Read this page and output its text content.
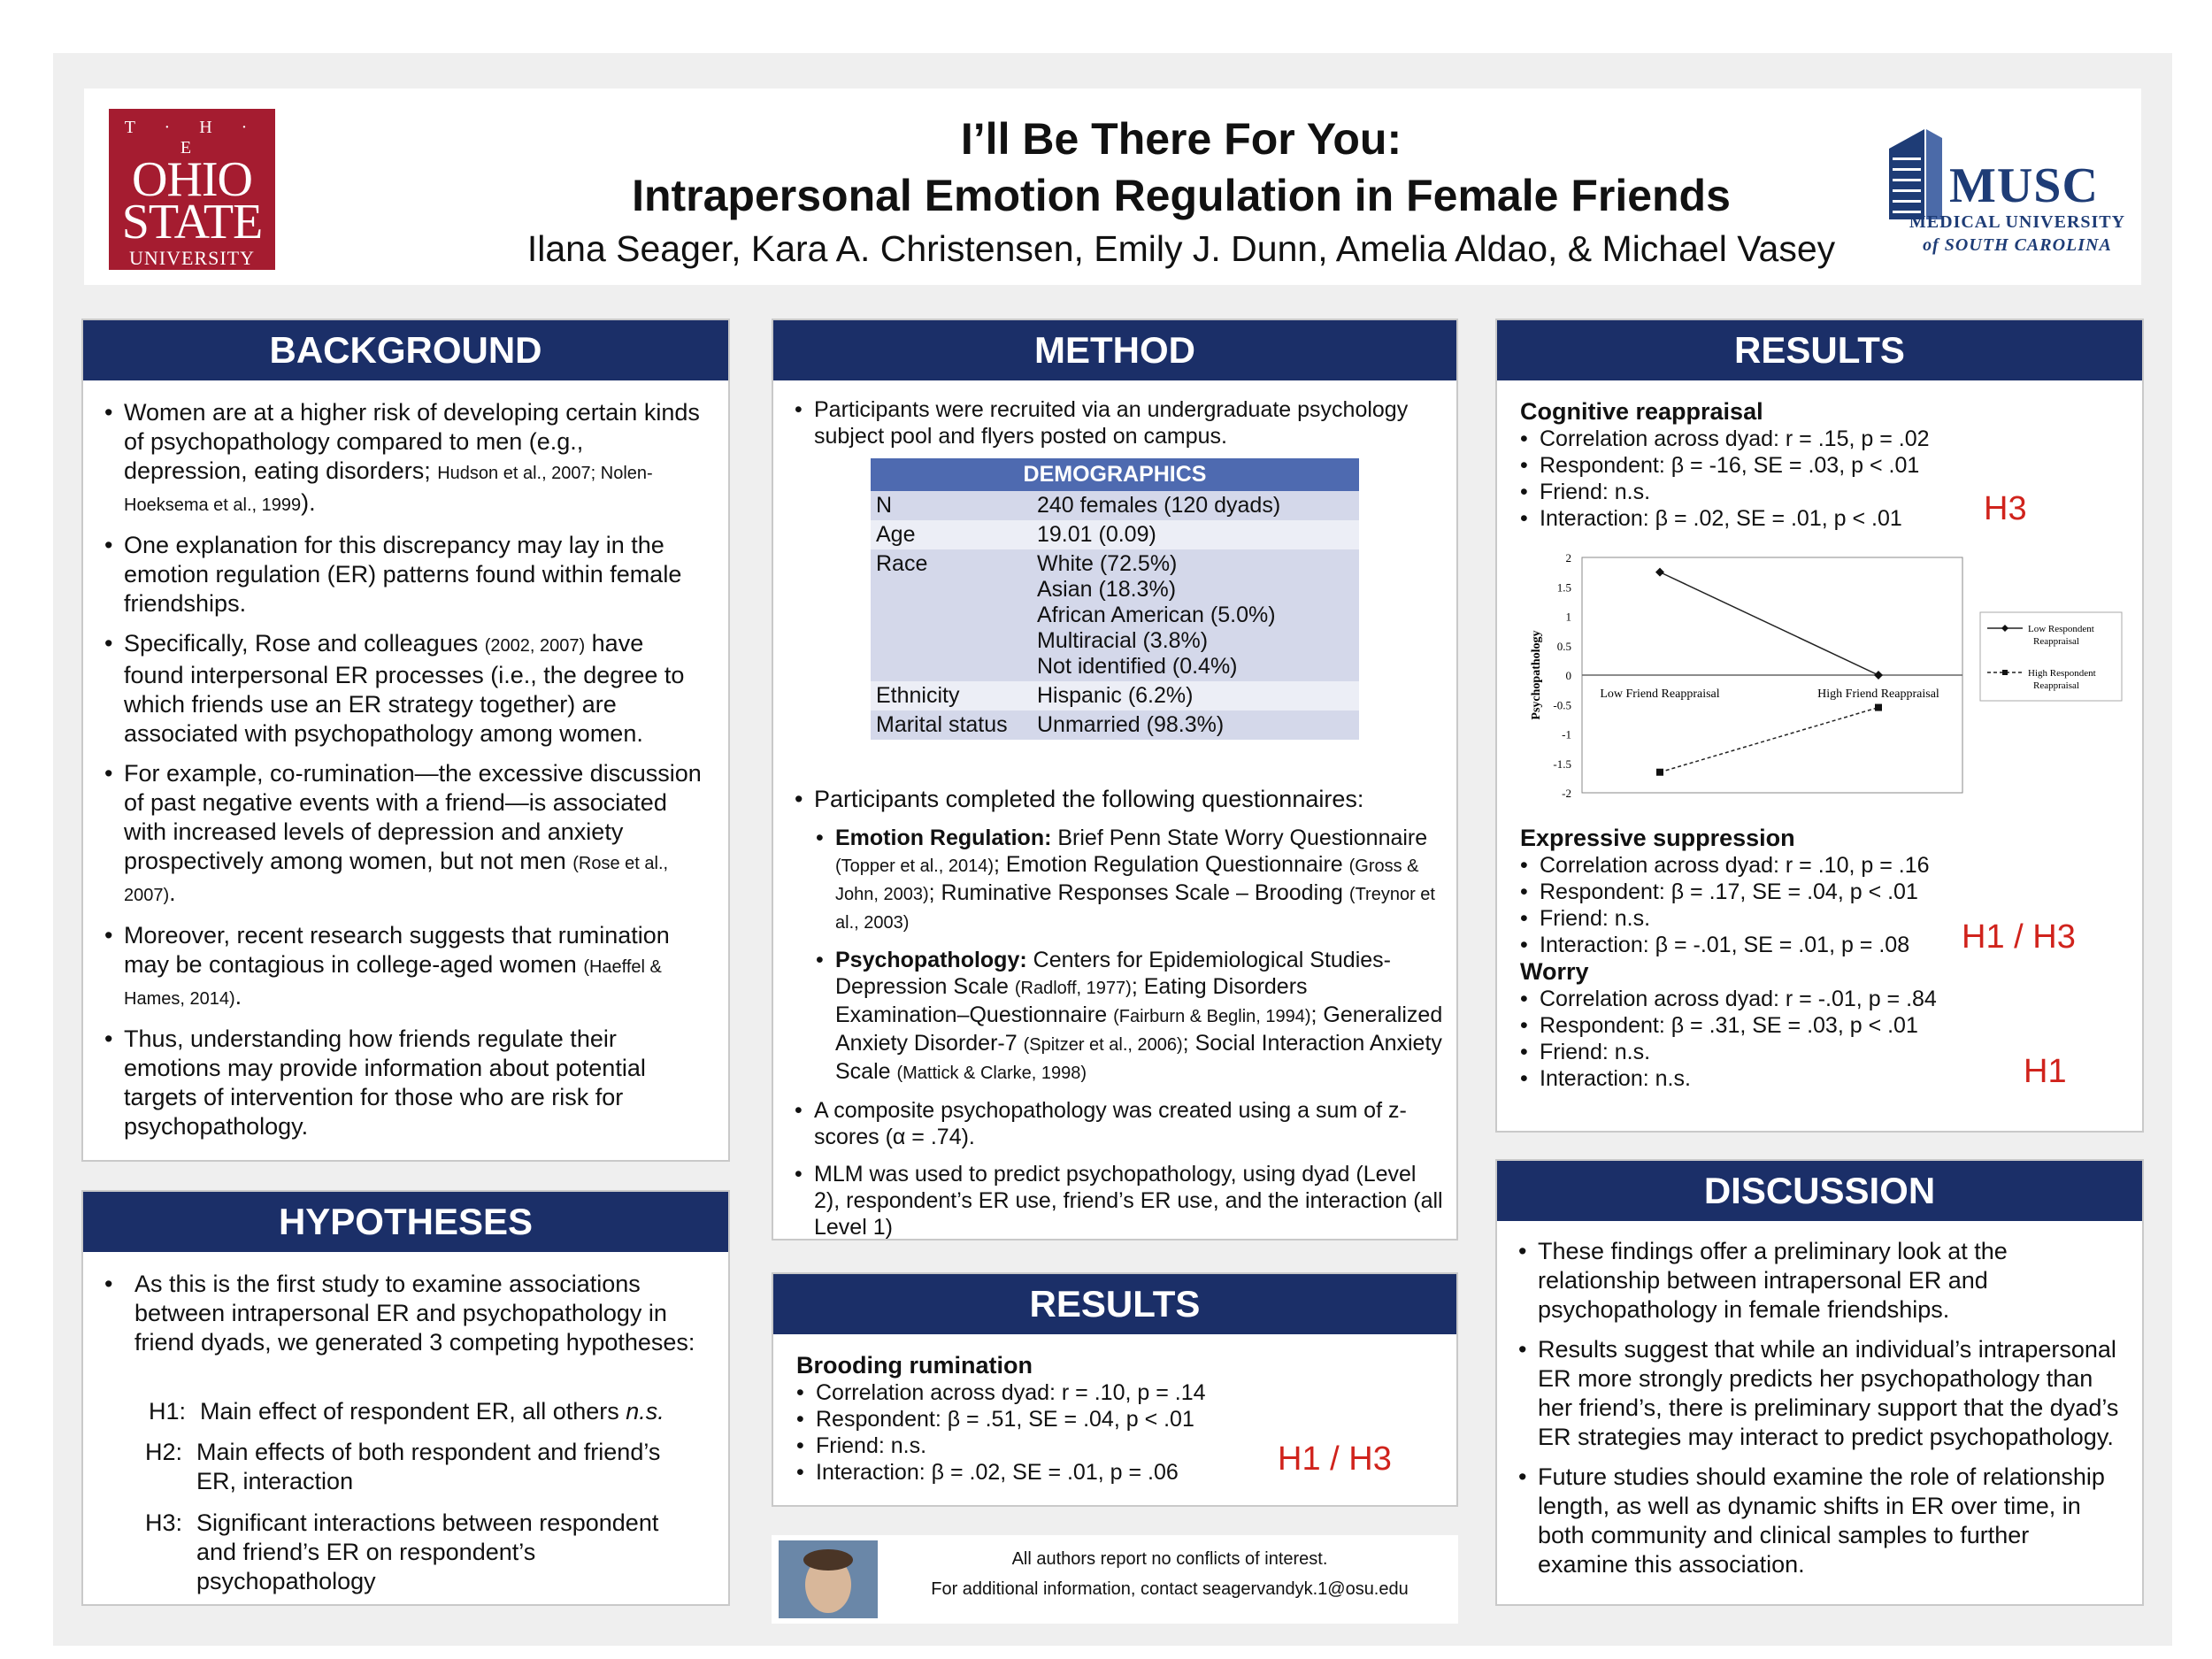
T · H · E
OHIO
STATE
UNIVERSITY
I’ll Be There For You:
Intrapersonal Emotion Regulation in Female Friends
Ilana Seager, Kara A. Christensen, Emily J. Dunn, Amelia Aldao, & Michael Vasey
MUSC
MEDICAL UNIVERSITY
of SOUTH CAROLINA
BACKGROUND
• Women are at a higher risk of developing certain kinds of psychopathology compared to men (e.g., depression, eating disorders; Hudson et al., 2007; Nolen-Hoeksema et al., 1999).
• One explanation for this discrepancy may lay in the emotion regulation (ER) patterns found within female friendships.
• Specifically, Rose and colleagues (2002, 2007) have found interpersonal ER processes (i.e., the degree to which friends use an ER strategy together) are associated with psychopathology among women.
• For example, co-rumination—the excessive discussion of past negative events with a friend—is associated with increased levels of depression and anxiety prospectively among women, but not men (Rose et al., 2007).
• Moreover, recent research suggests that rumination may be contagious in college-aged women (Haeffel & Hames, 2014).
• Thus, understanding how friends regulate their emotions may provide information about potential targets of intervention for those who are risk for psychopathology.
HYPOTHESES
• As this is the first study to examine associations between intrapersonal ER and psychopathology in friend dyads, we generated 3 competing hypotheses:
H1: Main effect of respondent ER, all others n.s.
H2: Main effects of both respondent and friend’s ER, interaction
H3: Significant interactions between respondent and friend’s ER on respondent’s psychopathology
METHOD
• Participants were recruited via an undergraduate psychology subject pool and flyers posted on campus.
DEMOGRAPHICS	
N	240 females (120 dyads)
Age	19.01 (0.09)
Race	White (72.5%)
Asian (18.3%)
African American (5.0%)
Multiracial (3.8%)
Not identified (0.4%)
Ethnicity	Hispanic (6.2%)
Marital status	Unmarried (98.3%)
• Participants completed the following questionnaires:
• Emotion Regulation: Brief Penn State Worry Questionnaire (Topper et al., 2014); Emotion Regulation Questionnaire (Gross & John, 2003); Ruminative Responses Scale – Brooding (Treynor et al., 2003)
• Psychopathology: Centers for Epidemiological Studies-Depression Scale (Radloff, 1977); Eating Disorders Examination–Questionnaire (Fairburn & Beglin, 1994); Generalized Anxiety Disorder-7 (Spitzer et al., 2006); Social Interaction Anxiety Scale (Mattick & Clarke, 1998)
• A composite psychopathology was created using a sum of z-scores (α = .74).
• MLM was used to predict psychopathology, using dyad (Level 2), respondent’s ER use, friend’s ER use, and the interaction (all Level 1)
RESULTS
Brooding rumination
• Correlation across dyad: r = .10, p = .14
• Respondent: β = .51, SE = .04, p < .01
• Friend: n.s.
• Interaction: β = .02, SE = .01, p = .06	H1 / H3
All authors report no conflicts of interest.
For additional information, contact seagervandyk.1@osu.edu
RESULTS
Cognitive reappraisal
• Correlation across dyad: r = .15, p = .02
• Respondent: β = -16, SE = .03, p < .01
• Friend: n.s.
• Interaction: β = .02, SE = .01, p < .01	H3
2
1.5
1
0.5
0
-0.5
-1
-1.5
-2
Psychopathology	Low Friend Reappraisal	High Friend Reappraisal
Low Respondent
Reappraisal
High Respondent
Reappraisal
Expressive suppression
• Correlation across dyad: r = .10, p = .16
• Respondent: β = .17, SE = .04, p < .01
• Friend: n.s.
• Interaction: β = -.01, SE = .01, p = .08
Worry
• Correlation across dyad: r = -.01, p = .84
• Respondent: β = .31, SE = .03, p < .01
• Friend: n.s.
• Interaction: n.s.
H1 / H3
H1
DISCUSSION
• These findings offer a preliminary look at the relationship between intrapersonal ER and psychopathology in female friendships.
• Results suggest that while an individual’s intrapersonal ER more strongly predicts her psychopathology than her friend’s, there is preliminary support that the dyad’s ER strategies may interact to predict psychopathology.
• Future studies should examine the role of relationship length, as well as dynamic shifts in ER over time, in both community and clinical samples to further examine this association.
